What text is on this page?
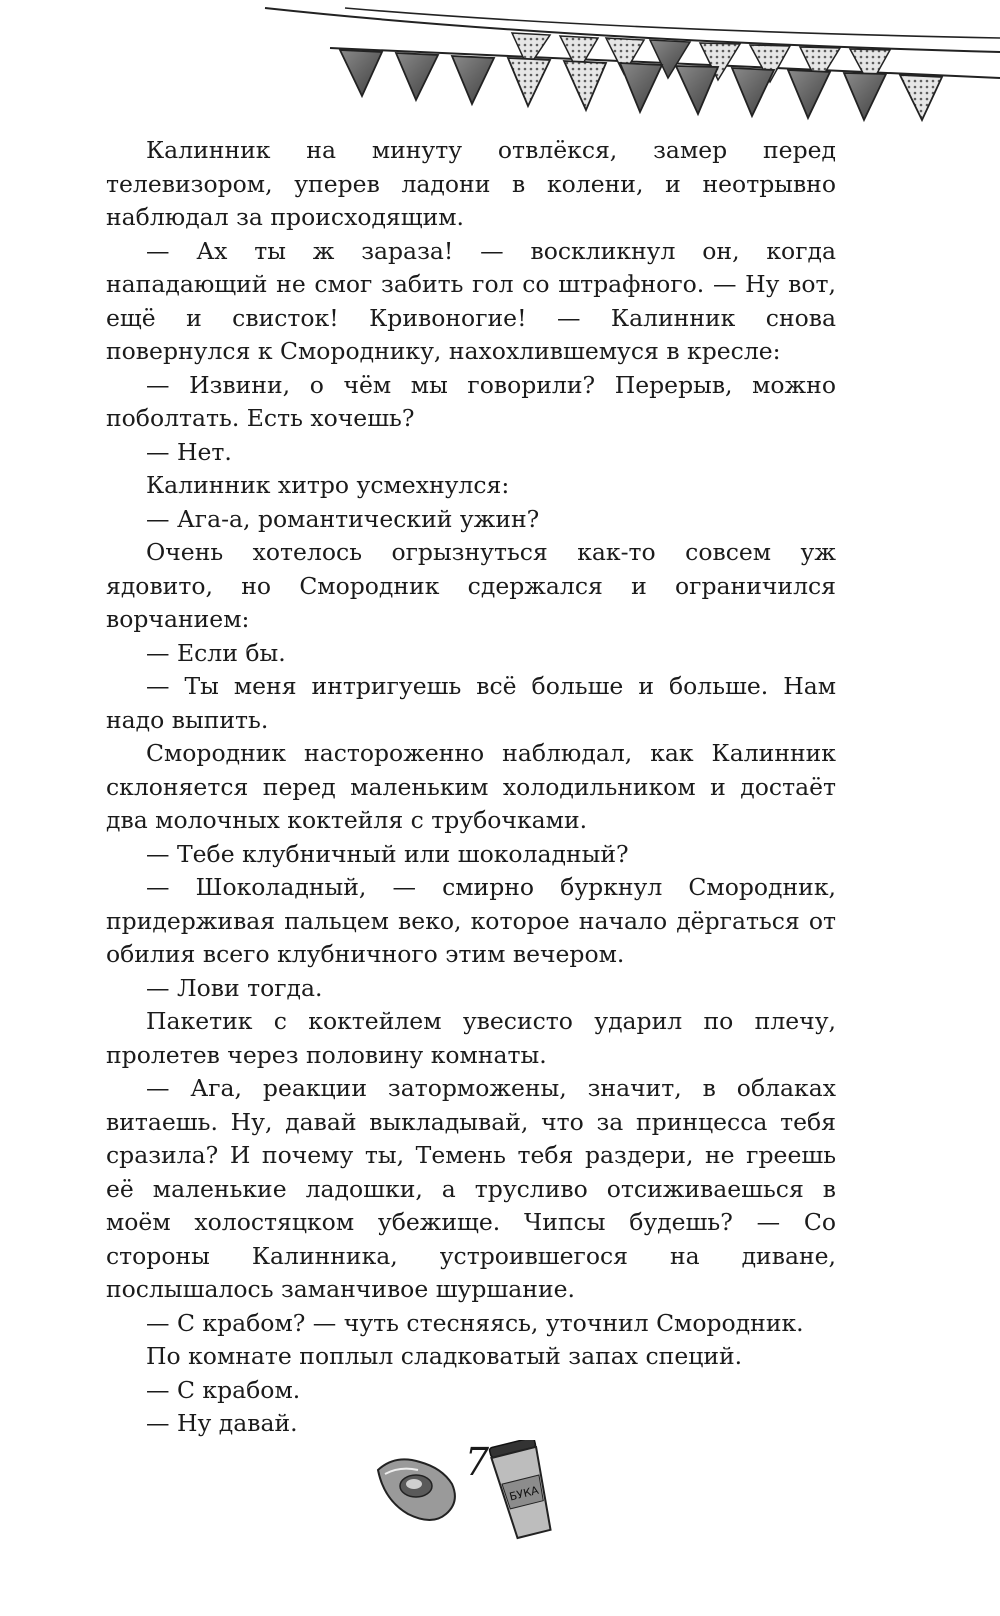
Калинник на минуту отвлёкся, замер перед телевизором, уперев ладони в колени, и неотрывно наблюдал за происходящим.

— Ах ты ж зараза! — воскликнул он, когда нападающий не смог забить гол со штрафного. — Ну вот, ещё и свисток! Кривоногие! — Калинник снова повернулся к Смороднику, нахохлившемуся в кресле:

— Извини, о чём мы говорили? Перерыв, можно поболтать. Есть хочешь?

— Нет.

Калинник хитро усмехнулся:

— Ага-а, романтический ужин?

Очень хотелось огрызнуться как-то совсем уж ядовито, но Смородник сдержался и ограничился ворчанием:

— Если бы.

— Ты меня интригуешь всё больше и больше. Нам надо выпить.

Смородник настороженно наблюдал, как Калинник склоняется перед маленьким холодильником и достаёт два молочных коктейля с трубочками.

— Тебе клубничный или шоколадный?

— Шоколадный, — смирно буркнул Смородник, придерживая пальцем веко, которое начало дёргаться от обилия всего клубничного этим вечером.

— Лови тогда.

Пакетик с коктейлем увесисто ударил по плечу, пролетев через половину комнаты.

— Ага, реакции заторможены, значит, в облаках витаешь. Ну, давай выкладывай, что за принцесса тебя сразила? И почему ты, Темень тебя раздери, не греешь её маленькие ладошки, а трусливо отсиживаешься в моём холостяцком убежище. Чипсы будешь? — Со стороны Калинника, устроившегося на диване, послышалось заманчивое шуршание.

— С крабом? — чуть стесняясь, уточнил Смородник.

По комнате поплыл сладковатый запах специй.

— С крабом.

— Ну давай.

БУКА
7
